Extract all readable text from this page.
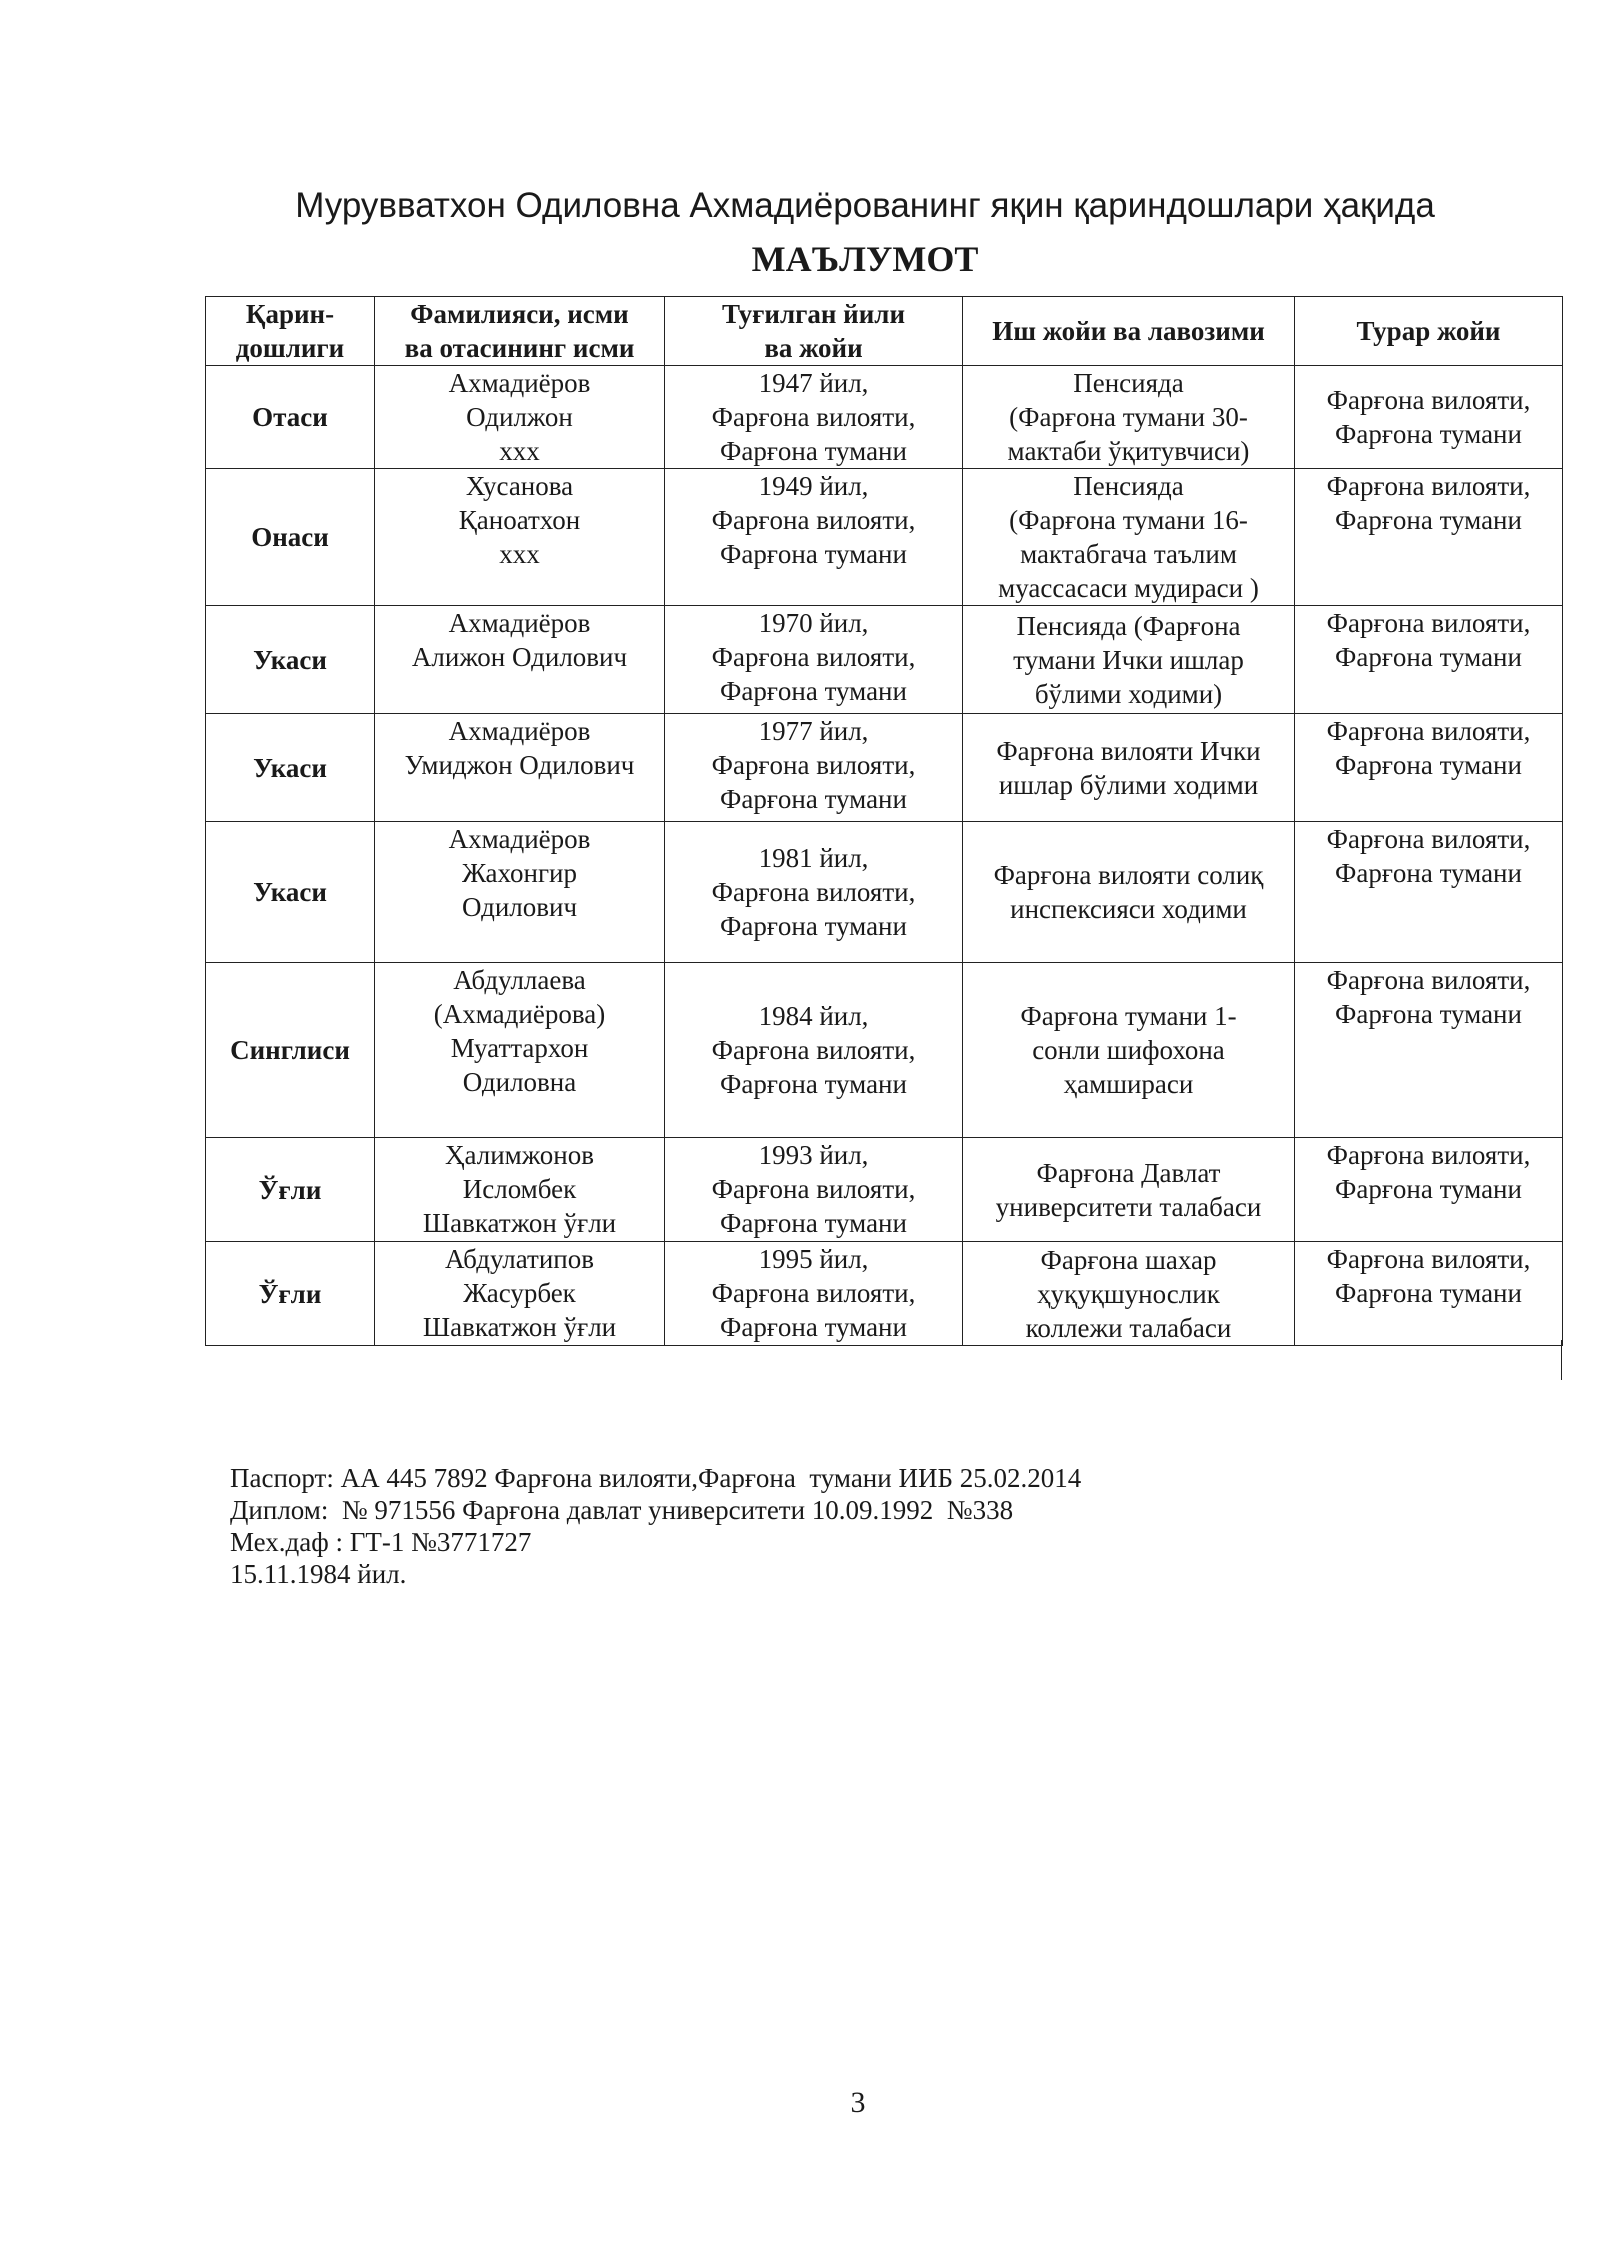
Мурувватхон Одиловна Ахмадиёрованинг яқин қариндошлари ҳақида
МАЪЛУМОТ
Қарин-
дошлиги	Фамилияси, исми
ва отасининг исми	Туғилган йили
ва жойи	Иш жойи ва лавозими	Турар жойи

Отаси	Ахмадиёров
Одилжон
ххх	1947 йил,
Фарғона вилояти,
Фарғона тумани	Пенсияда
(Фарғона тумани 30-
мактаби ўқитувчиси)	Фарғона вилояти,
Фарғона тумани

Онаси	Хусанова
Қаноатхон
ххх	1949 йил,
Фарғона вилояти,
Фарғона тумани	Пенсияда
(Фарғона тумани 16-
мактабгача таълим
муассасаси мудираси )	Фарғона вилояти,
Фарғона тумани

Укаси	Ахмадиёров
Алижон Одилович	1970 йил,
Фарғона вилояти,
Фарғона тумани	Пенсияда (Фарғона
тумани Ички ишлар
бўлими ходими)	Фарғона вилояти,
Фарғона тумани

Укаси	Ахмадиёров
Умиджон Одилович	1977 йил,
Фарғона вилояти,
Фарғона тумани	Фарғона вилояти Ички
ишлар бўлими ходими	Фарғона вилояти,
Фарғона тумани

Укаси	Ахмадиёров
Жахонгир
Одилович	1981 йил,
Фарғона вилояти,
Фарғона тумани	Фарғона вилояти солиқ
инспексияси ходими	Фарғона вилояти,
Фарғона тумани

Синглиси	Абдуллаева
(Ахмадиёрова)
Муаттархон
Одиловна	1984 йил,
Фарғона вилояти,
Фарғона тумани	Фарғона тумани 1-
сонли шифохона
ҳамшираси	Фарғона вилояти,
Фарғона тумани

Ўғли	Ҳалимжонов
Исломбек
Шавкатжон ўғли	1993 йил,
Фарғона вилояти,
Фарғона тумани	Фарғона Давлат
университети талабаси	Фарғона вилояти,
Фарғона тумани

Ўғли	Абдулатипов
Жасурбек
Шавкатжон ўғли	1995 йил,
Фарғона вилояти,
Фарғона тумани	Фарғона шахар
ҳуқуқшунослик
коллежи талабаси	Фарғона вилояти,
Фарғона тумани
Паспорт: АА 445 7892 Фарғона вилояти,Фарғона  тумани ИИБ 25.02.2014
Диплом:  № 971556 Фарғона давлат университети 10.09.1992  №338
Мех.даф : ГТ-1 №3771727
15.11.1984 йил.
3
